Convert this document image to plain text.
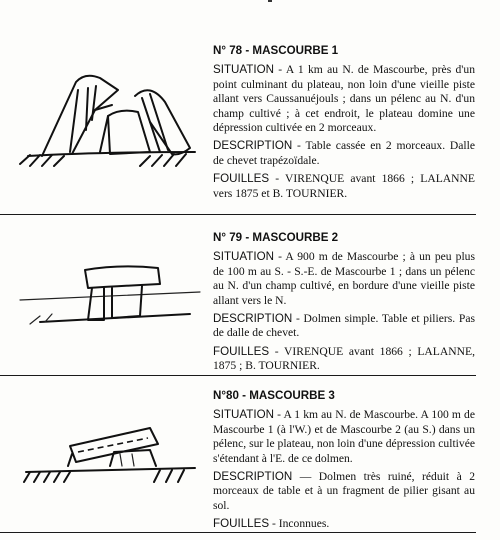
N° 78 - MASCOURBE 1

SITUATION - A 1 km au N. de Mascourbe, près d'un point culminant du plateau, non loin d'une vieille piste allant vers Caussanuéjouls ; dans un pélenc au N. d'un champ cultivé ; à cet endroit, le plateau domine une dépression cultivée en 2 morceaux.

DESCRIPTION - Table cassée en 2 morceaux. Dalle de chevet trapézoïdale.

FOUILLES - VIRENQUE avant 1866 ; LALANNE vers 1875 et B. TOURNIER.

N° 79 - MASCOURBE 2

SITUATION - A 900 m de Mascourbe ; à un peu plus de 100 m au S. - S.-E. de Mascourbe 1 ; dans un pélenc au N. d'un champ cultivé, en bordure d'une vieille piste allant vers le N.

DESCRIPTION - Dolmen simple. Table et piliers. Pas de dalle de chevet.

FOUILLES - VIRENQUE avant 1866 ; LALANNE, 1875 ; B. TOURNIER.

N°80 - MASCOURBE 3

SITUATION - A 1 km au N. de Mascourbe. A 100 m de Mascourbe 1 (à l'W.) et de Mascourbe 2 (au S.) dans un pélenc, sur le plateau, non loin d'une dépression cultivée s'étendant à l'E. de ce dolmen.

DESCRIPTION — Dolmen très ruiné, réduit à 2 morceaux de table et à un fragment de pilier gisant au sol.

FOUILLES - Inconnues.
